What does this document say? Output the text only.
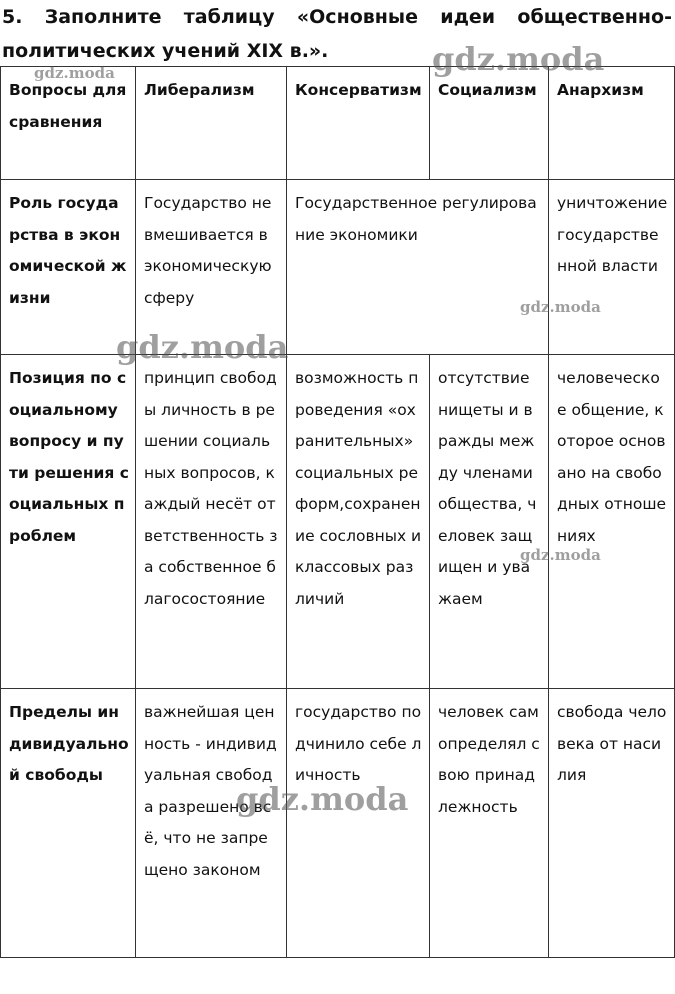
5. Заполните таблицу «Основные идеи общественно-
политических учений XIX в.».
Вопросы для сравнения	Либерализм	Консерватизм	Социализм	Анархизм
Роль государства в экономической жизни	Государство не вмешивается в экономическую сферу	Государственное регулирование экономики		уничтожение государственной власти
Позиция по социальному вопросу и пути решения социальных проблем	принцип свободы личность в решении социальных вопросов, каждый несёт ответственность за собственное благосостояние	возможность проведения «охранительных» социальных реформ,сохранение сословных и классовых различий	отсутствие нищеты и вражды между членами общества, человек защищен и уважаем	человеческое общение, которое основано на свободных отношениях
Пределы индивидуальной свободы	важнейшая ценность - индивидуальная свобода разрешено всё, что не запрещено законом	государство подчинило себе личность	человек сам определял свою принадлежность	свобода человека от насилия
gdz.moda	gdz.moda
gdz.moda
gdz.moda
gdz.moda
gdz.moda
